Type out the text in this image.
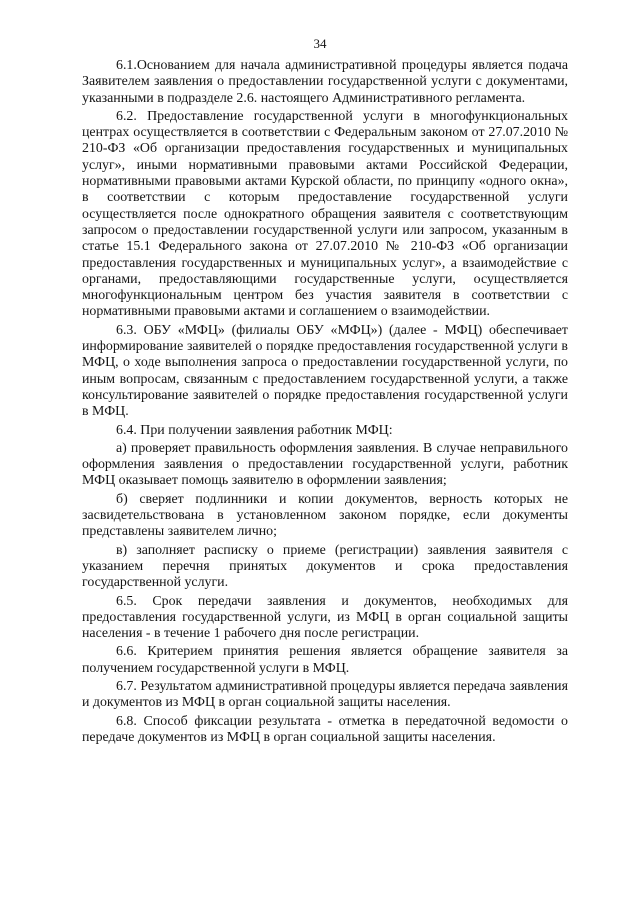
34

6.1.Основанием для начала административной процедуры является подача Заявителем заявления о предоставлении государственной услуги с документами, указанными в подразделе 2.6. настоящего Административного регламента.

6.2. Предоставление государственной услуги в многофункциональных центрах осуществляется в соответствии с Федеральным законом от 27.07.2010 № 210-ФЗ «Об организации предоставления государственных и муниципальных услуг», иными нормативными правовыми актами Российской Федерации, нормативными правовыми актами Курской области, по принципу «одного окна», в соответствии с которым предоставление государственной услуги осуществляется после однократного обращения заявителя с соответствующим запросом о предоставлении государственной услуги или запросом, указанным в статье 15.1 Федерального закона от 27.07.2010 № 210-ФЗ «Об организации предоставления государственных и муниципальных услуг», а взаимодействие с органами, предоставляющими государственные услуги, осуществляется многофункциональным центром без участия заявителя в соответствии с нормативными правовыми актами и соглашением о взаимодействии.

6.3. ОБУ «МФЦ» (филиалы ОБУ «МФЦ») (далее - МФЦ) обеспечивает информирование заявителей о порядке предоставления государственной услуги в МФЦ, о ходе выполнения запроса о предоставлении государственной услуги, по иным вопросам, связанным с предоставлением государственной услуги, а также консультирование заявителей о порядке предоставления государственной услуги в МФЦ.

6.4. При получении заявления работник МФЦ:

а) проверяет правильность оформления заявления. В случае неправильного оформления заявления о предоставлении государственной услуги, работник МФЦ оказывает помощь заявителю в оформлении заявления;

б) сверяет подлинники и копии документов, верность которых не засвидетельствована в установленном законом порядке, если документы представлены заявителем лично;

в) заполняет расписку о приеме (регистрации) заявления заявителя с указанием перечня принятых документов и срока предоставления государственной услуги.

6.5. Срок передачи заявления и документов, необходимых для предоставления государственной услуги, из МФЦ в орган социальной защиты населения - в течение 1 рабочего дня после регистрации.

6.6. Критерием принятия решения является обращение заявителя за получением государственной услуги в МФЦ.

6.7. Результатом административной процедуры является передача заявления и документов из МФЦ в орган социальной защиты населения.

6.8. Способ фиксации результата - отметка в передаточной ведомости о передаче документов из МФЦ в орган социальной защиты населения.
